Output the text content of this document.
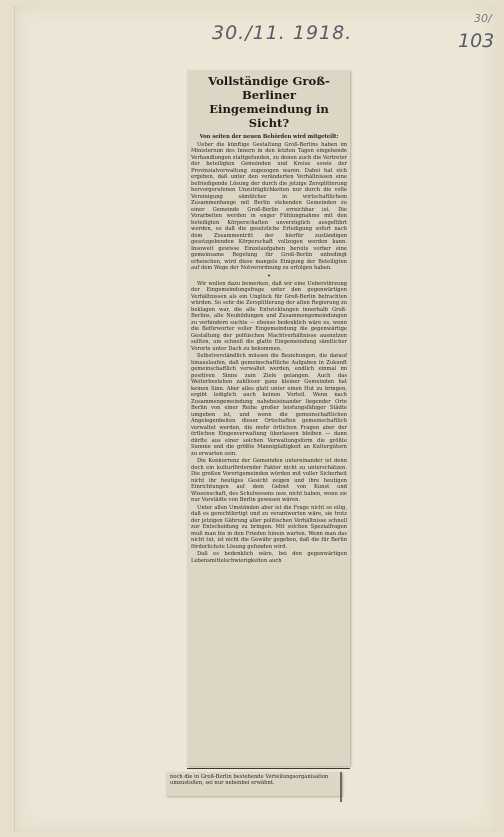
30./11. 1918.
30/
103
Vollständige Groß-Berliner Eingemeindung in Sicht?
Von seiten der neuen Behörden wird mitgeteilt:

Ueber die künftige Gestaltung Groß-Berlins haben im Ministerium des Innern in den letzten Tagen eingehende Verhandlungen stattgefunden, zu denen auch die Vertreter der beteiligten Gemeinden und Kreise sowie der Provinzialverwaltung zugezogen waren. Dabei hat sich ergeben, daß unter den veränderten Verhältnissen eine befriedigende Lösung der durch die jetzige Zersplitterung hervorgerufenen Unzuträglichkeiten nur durch die volle Vereinigung sämtlicher in wirtschaftlichem Zusammenhange mit Berlin stehenden Gemeinden zu einer Gemeinde Groß-Berlin erreichbar ist. Die Vorarbeiten werden in enger Fühlungnahme mit den beteiligten Körperschaften unverzüglich ausgeführt werden, so daß die gesetzliche Erledigung sofort nach dem Zusammentritt der hierfür zuständigen gesetzgebenden Körperschaft vollzogen werden kann. Insoweit gewisse Einzelaufgaben bereits vorher eine gemeinsame Regelung für Groß-Berlin unbedingt erheischen, wird diese mangels Einigung der Beteiligten auf dem Wege der Notverordnung zu erfolgen haben.

•

Wir wollen dazu bemerken, daß wir eine Ueberstürzung der Eingemeindungsfrage unter den gegenwärtigen Verhältnissen als ein Unglück für Groß-Berlin betrachten würden. So sehr die Zersplitterung der alten Regierung zu beklagen war, die alle Entwicklungen innerhalb Groß-Berlins, alle Neubildungen und Zusammengemeindungen zu verhindern suchte — ebenso bedenklich wäre es, wenn die Befürworter voller Eingemeindung die gegenwärtige Gestaltung der politischen Machtverhältnisse ausnutzen sollten, um schnell die glatte Eingemeindung sämtlicher Vororte unter Dach zu bekommen.

Selbstverständlich müssen die Beziehungen, die darauf hinauslaufen, daß gemeinschaftliche Aufgaben in Zukunft gemeinschaftlich verwaltet werden, endlich einmal im positiven Sinne zum Ziele gelangen. Auch das Weiterbestehen zahlloser ganz kleiner Gemeinden hat keinen Sinn. Aber alles glatt unter einen Hut zu bringen, ergibt lediglich auch keinen Vorteil. Wenn nach Zusammengemeindung nahebeieinander liegender Orte Berlin von einer Reihe großer leistungsfähiger Städte umgeben ist, und wenn die gemeinschaftlichen Angelegenheiten dieser Ortschaften gemeinschaftlich verwaltet werden, die mehr örtlichen Fragen aber der örtlichen Eingenverwaltung überlassen bleiben — dann dürfte aus einer solchen Verwaltungsform die größte Summe und die größte Mannigfaltigkeit an Kulturgütern zu erwarten sein.

Die Konkurrenz der Gemeinden untereinander ist denn doch ein kulturfördernder Faktor nicht zu unterschätzen. Die großen Vorortgemeinden würden mit voller Sicherheit nicht ihr heutiges Gesicht zeigen und ihre heutigen Einrichtungen auf dem Gebiet von Kunst und Wissenschaft, des Schulwesens usw. nicht haben, wenn sie nur Vorstädte von Berlin gewesen wären.

Unter allen Umständen aber ist die Frage nicht so eilig, daß es gerechtfertigt und zu verantworten wäre, sie trotz der jetzigen Gährung aller politischen Verhältnisse schnell zur Entscheidung zu bringen. Mit solchen Spezialfragen muß man bis in den Frieden hinein warten. Wenn man das nicht tut, ist nicht die Gewähr gegeben, daß die für Berlin förderlichste Lösung gefunden wird.

Daß es bedenklich wäre, bei den gegenwärtigen Lebensmittelschwierigkeiten auch

noch die in Groß-Berlin bestehende Verteilungsorganisation umzustoßen, sei nur nebenbei erwähnt.
